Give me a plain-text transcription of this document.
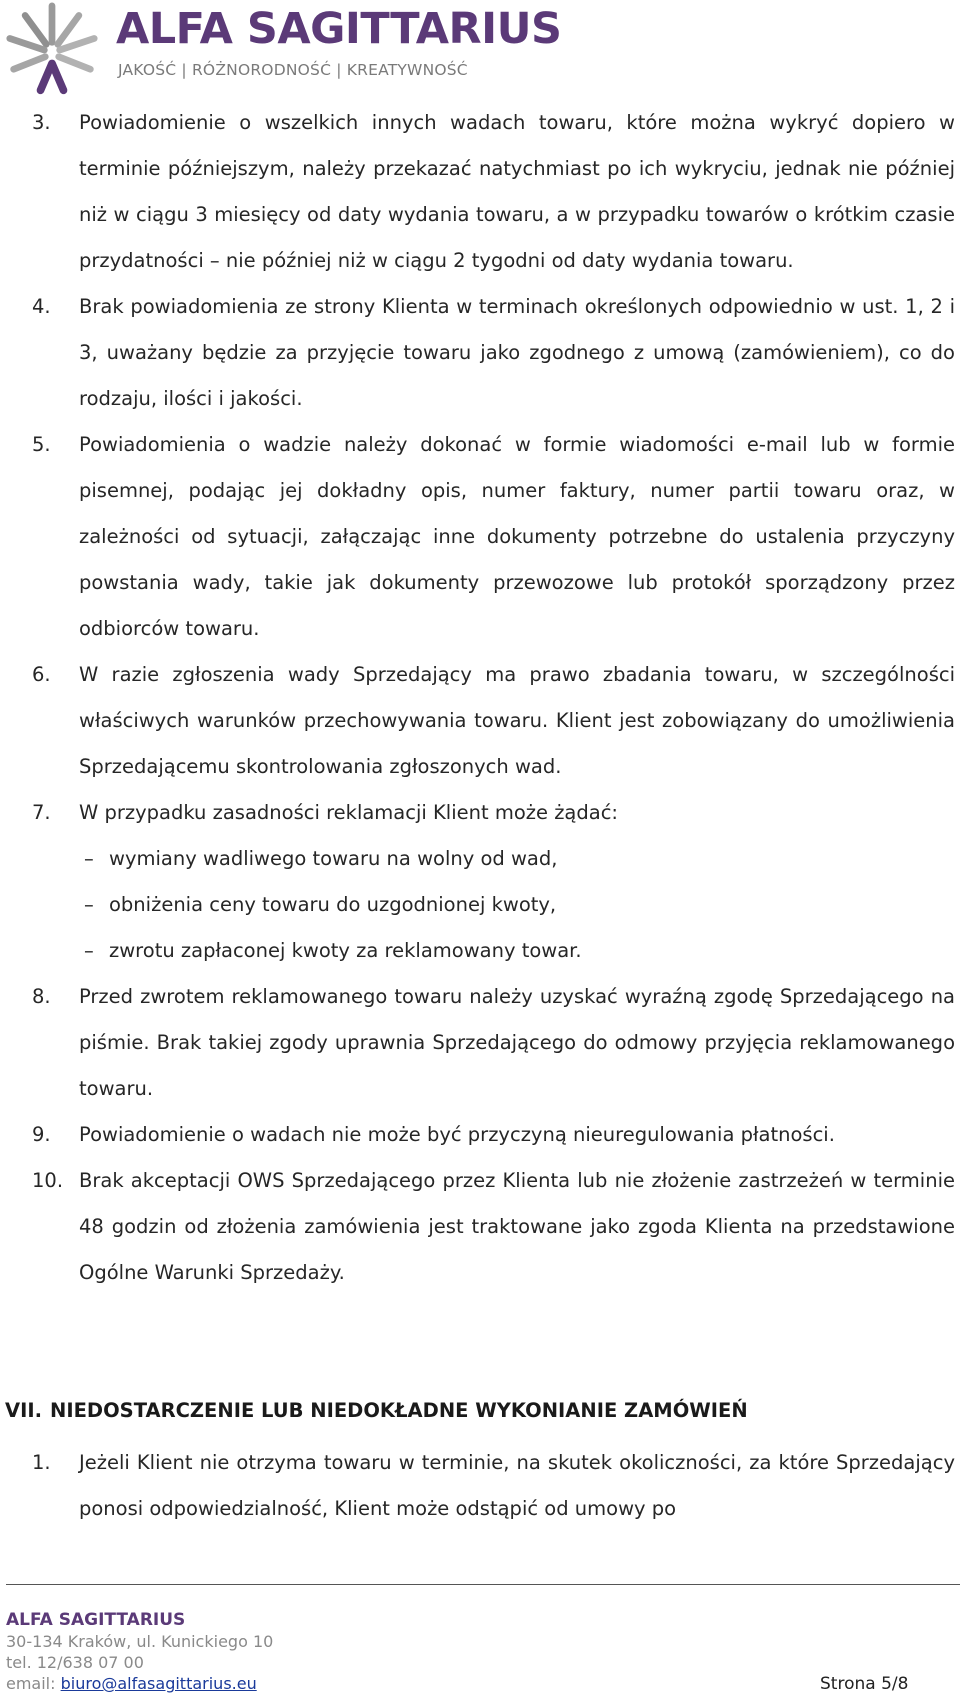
ALFA SAGITTARIUS
JAKOŚĆ | RÓŻNORODNOŚĆ | KREATYWNOŚĆ
3. Powiadomienie o wszelkich innych wadach towaru, które można wykryć dopiero w terminie późniejszym, należy przekazać natychmiast po ich wykryciu, jednak nie później niż w ciągu 3 miesięcy od daty wydania towaru, a w przypadku towarów o krótkim czasie przydatności – nie później niż w ciągu 2 tygodni od daty wydania towaru.

4. Brak powiadomienia ze strony Klienta w terminach określonych odpowiednio w ust. 1, 2 i 3, uważany będzie za przyjęcie towaru jako zgodnego z umową (zamówieniem), co do rodzaju, ilości i jakości.

5. Powiadomienia o wadzie należy dokonać w formie wiadomości e-mail lub w formie pisemnej, podając jej dokładny opis, numer faktury, numer partii towaru oraz, w zależności od sytuacji, załączając inne dokumenty potrzebne do ustalenia przyczyny powstania wady, takie jak dokumenty przewozowe lub protokół sporządzony przez odbiorców towaru.

6. W razie zgłoszenia wady Sprzedający ma prawo zbadania towaru, w szczególności właściwych warunków przechowywania towaru. Klient jest zobowiązany do umożliwienia Sprzedającemu skontrolowania zgłoszonych wad.

7. W przypadku zasadności reklamacji Klient może żądać:

– wymiany wadliwego towaru na wolny od wad,
– obniżenia ceny towaru do uzgodnionej kwoty,
– zwrotu zapłaconej kwoty za reklamowany towar.
8. Przed zwrotem reklamowanego towaru należy uzyskać wyraźną zgodę Sprzedającego na piśmie. Brak takiej zgody uprawnia Sprzedającego do odmowy przyjęcia reklamowanego towaru.

9. Powiadomienie o wadach nie może być przyczyną nieuregulowania płatności.

10. Brak akceptacji OWS Sprzedającego przez Klienta lub nie złożenie zastrzeżeń w terminie 48 godzin od złożenia zamówienia jest traktowane jako zgoda Klienta na przedstawione Ogólne Warunki Sprzedaży.

VII. NIEDOSTARCZENIE LUB NIEDOKŁADNE WYKONIANIE ZAMÓWIEŃ
1. Jeżeli Klient nie otrzyma towaru w terminie, na skutek okoliczności, za które Sprzedający ponosi odpowiedzialność, Klient może odstąpić od umowy po

ALFA SAGITTARIUS
30-134 Kraków, ul. Kunickiego 10
tel. 12/638 07 00
email: biuro@alfasagittarius.eu	Strona 5/8
